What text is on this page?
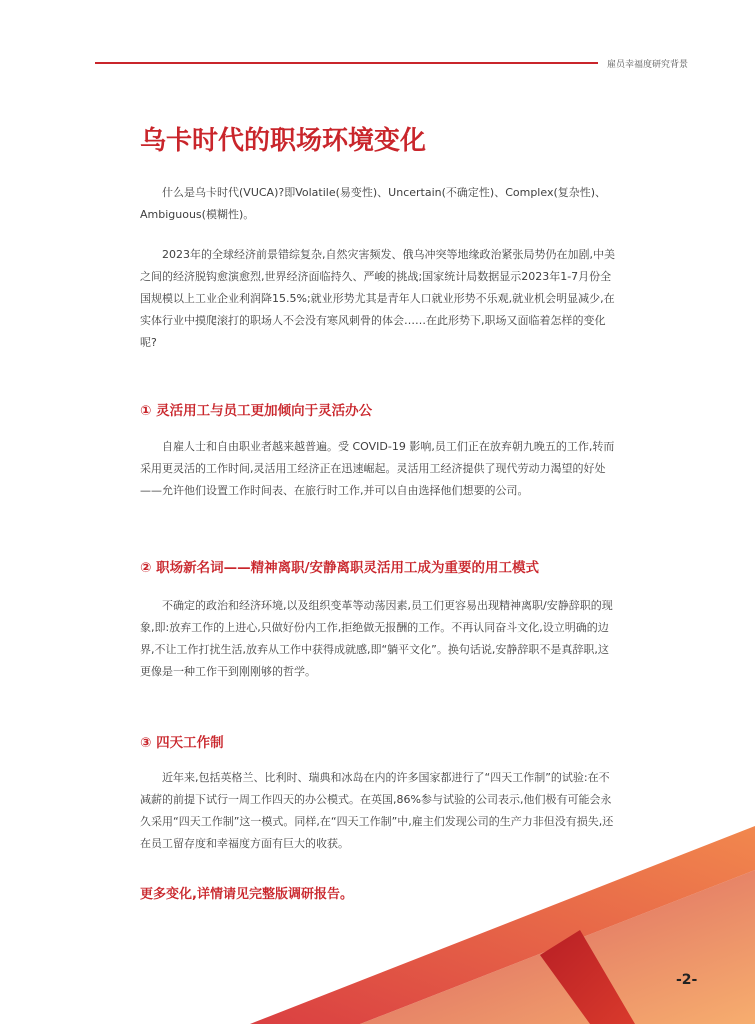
雇员幸福度研究背景
乌卡时代的职场环境变化

什么是乌卡时代(VUCA)?即Volatile(易变性)、Uncertain(不确定性)、Complex(复杂性)、Ambiguous(模糊性)。

2023年的全球经济前景错综复杂,自然灾害频发、俄乌冲突等地缘政治紧张局势仍在加剧,中美之间的经济脱钩愈演愈烈,世界经济面临持久、严峻的挑战;国家统计局数据显示2023年1-7月份全国规模以上工业企业利润降15.5%;就业形势尤其是青年人口就业形势不乐观,就业机会明显减少,在实体行业中摸爬滚打的职场人不会没有寒风刺骨的体会……在此形势下,职场又面临着怎样的变化呢?

① 灵活用工与员工更加倾向于灵活办公

自雇人士和自由职业者越来越普遍。受 COVID-19 影响,员工们正在放弃朝九晚五的工作,转而采用更灵活的工作时间,灵活用工经济正在迅速崛起。灵活用工经济提供了现代劳动力渴望的好处——允许他们设置工作时间表、在旅行时工作,并可以自由选择他们想要的公司。

② 职场新名词——精神离职/安静离职灵活用工成为重要的用工模式

不确定的政治和经济环境,以及组织变革等动荡因素,员工们更容易出现精神离职/安静辞职的现象,即:放弃工作的上进心,只做好份内工作,拒绝做无报酬的工作。不再认同奋斗文化,设立明确的边界,不让工作打扰生活,放弃从工作中获得成就感,即“躺平文化”。换句话说,安静辞职不是真辞职,这更像是一种工作干到刚刚够的哲学。

③ 四天工作制

近年来,包括英格兰、比利时、瑞典和冰岛在内的许多国家都进行了“四天工作制”的试验:在不减薪的前提下试行一周工作四天的办公模式。在英国,86%参与试验的公司表示,他们极有可能会永久采用“四天工作制”这一模式。同样,在“四天工作制”中,雇主们发现公司的生产力非但没有损失,还在员工留存度和幸福度方面有巨大的收获。

更多变化,详情请见完整版调研报告。
-2-
